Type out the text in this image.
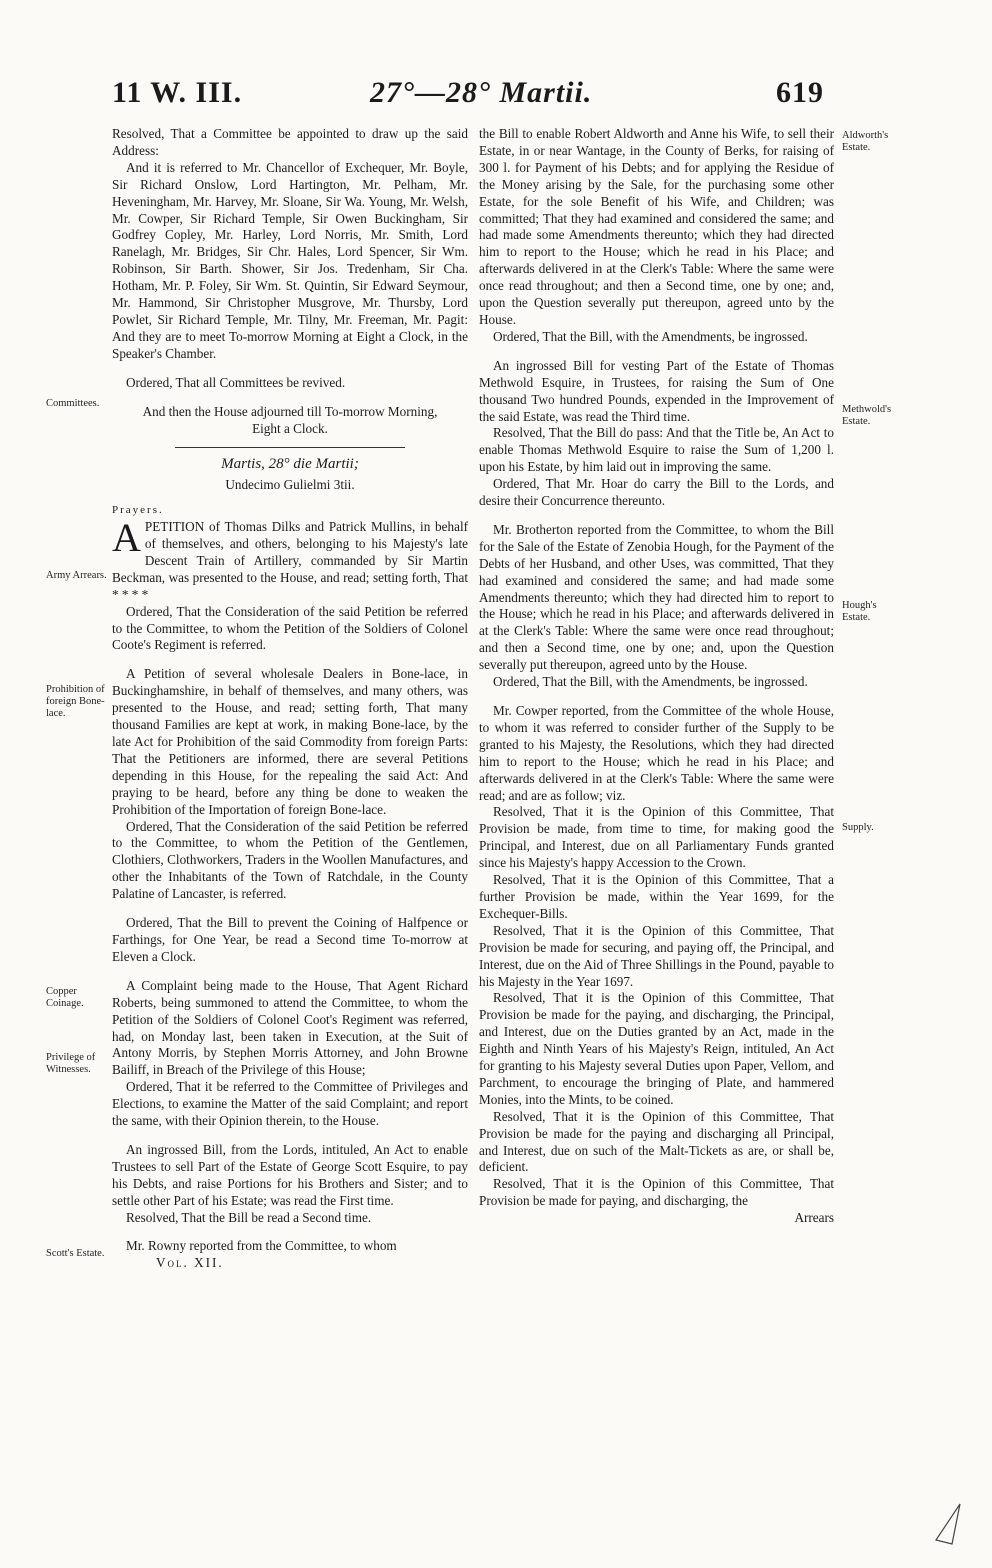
11 W. III.	27°—28° Martii.	619

Resolved, That a Committee be appointed to draw up the said Address:

And it is referred to Mr. Chancellor of Exchequer, Mr. Boyle, Sir Richard Onslow, Lord Hartington, Mr. Pelham, Mr. Heveningham, Mr. Harvey, Mr. Sloane, Sir Wa. Young, Mr. Welsh, Mr. Cowper, Sir Richard Temple, Sir Owen Buckingham, Sir Godfrey Copley, Mr. Harley, Lord Norris, Mr. Smith, Lord Ranelagh, Mr. Bridges, Sir Chr. Hales, Lord Spencer, Sir Wm. Robinson, Sir Barth. Shower, Sir Jos. Tredenham, Sir Cha. Hotham, Mr. P. Foley, Sir Wm. St. Quintin, Sir Edward Seymour, Mr. Hammond, Sir Christopher Musgrove, Mr. Thursby, Lord Powlet, Sir Richard Temple, Mr. Tilny, Mr. Freeman, Mr. Pagit: And they are to meet To-morrow Morning at Eight a Clock, in the Speaker's Chamber.

Ordered, That all Committees be revived.

And then the House adjourned till To-morrow Morning, Eight a Clock.

Martis, 28° die Martii;

Undecimo Gulielmi 3tii.

Prayers.

APETITION of Thomas Dilks and Patrick Mullins, in behalf of themselves, and others, belonging to his Majesty's late Descent Train of Artillery, commanded by Sir Martin Beckman, was presented to the House, and read; setting forth, That * * * *

Ordered, That the Consideration of the said Petition be referred to the Committee, to whom the Petition of the Soldiers of Colonel Coote's Regiment is referred.

A Petition of several wholesale Dealers in Bone-lace, in Buckinghamshire, in behalf of themselves, and many others, was presented to the House, and read; setting forth, That many thousand Families are kept at work, in making Bone-lace, by the late Act for Prohibition of the said Commodity from foreign Parts: That the Petitioners are informed, there are several Petitions depending in this House, for the repealing the said Act: And praying to be heard, before any thing be done to weaken the Prohibition of the Importation of foreign Bone-lace.

Ordered, That the Consideration of the said Petition be referred to the Committee, to whom the Petition of the Gentlemen, Clothiers, Clothworkers, Traders in the Woollen Manufactures, and other the Inhabitants of the Town of Ratchdale, in the County Palatine of Lancaster, is referred.

Ordered, That the Bill to prevent the Coining of Halfpence or Farthings, for One Year, be read a Second time To-morrow at Eleven a Clock.

A Complaint being made to the House, That Agent Richard Roberts, being summoned to attend the Committee, to whom the Petition of the Soldiers of Colonel Coot's Regiment was referred, had, on Monday last, been taken in Execution, at the Suit of Antony Morris, by Stephen Morris Attorney, and John Browne Bailiff, in Breach of the Privilege of this House;

Ordered, That it be referred to the Committee of Privileges and Elections, to examine the Matter of the said Complaint; and report the same, with their Opinion therein, to the House.

An ingrossed Bill, from the Lords, intituled, An Act to enable Trustees to sell Part of the Estate of George Scott Esquire, to pay his Debts, and raise Portions for his Brothers and Sister; and to settle other Part of his Estate; was read the First time.

Resolved, That the Bill be read a Second time.

Mr. Rowny reported from the Committee, to whom

Vol. XII.

the Bill to enable Robert Aldworth and Anne his Wife, to sell their Estate, in or near Wantage, in the County of Berks, for raising of 300 l. for Payment of his Debts; and for applying the Residue of the Money arising by the Sale, for the purchasing some other Estate, for the sole Benefit of his Wife, and Children; was committed; That they had examined and considered the same; and had made some Amendments thereunto; which they had directed him to report to the House; which he read in his Place; and afterwards delivered in at the Clerk's Table: Where the same were once read throughout; and then a Second time, one by one; and, upon the Question severally put thereupon, agreed unto by the House.

Ordered, That the Bill, with the Amendments, be ingrossed.

An ingrossed Bill for vesting Part of the Estate of Thomas Methwold Esquire, in Trustees, for raising the Sum of One thousand Two hundred Pounds, expended in the Improvement of the said Estate, was read the Third time.

Resolved, That the Bill do pass: And that the Title be, An Act to enable Thomas Methwold Esquire to raise the Sum of 1,200 l. upon his Estate, by him laid out in improving the same.

Ordered, That Mr. Hoar do carry the Bill to the Lords, and desire their Concurrence thereunto.

Mr. Brotherton reported from the Committee, to whom the Bill for the Sale of the Estate of Zenobia Hough, for the Payment of the Debts of her Husband, and other Uses, was committed, That they had examined and considered the same; and had made some Amendments thereunto; which they had directed him to report to the House; which he read in his Place; and afterwards delivered in at the Clerk's Table: Where the same were once read throughout; and then a Second time, one by one; and, upon the Question severally put thereupon, agreed unto by the House.

Ordered, That the Bill, with the Amendments, be ingrossed.

Mr. Cowper reported, from the Committee of the whole House, to whom it was referred to consider further of the Supply to be granted to his Majesty, the Resolutions, which they had directed him to report to the House; which he read in his Place; and afterwards delivered in at the Clerk's Table: Where the same were read; and are as follow; viz.

Resolved, That it is the Opinion of this Committee, That Provision be made, from time to time, for making good the Principal, and Interest, due on all Parliamentary Funds granted since his Majesty's happy Accession to the Crown.

Resolved, That it is the Opinion of this Committee, That a further Provision be made, within the Year 1699, for the Exchequer-Bills.

Resolved, That it is the Opinion of this Committee, That Provision be made for securing, and paying off, the Principal, and Interest, due on the Aid of Three Shillings in the Pound, payable to his Majesty in the Year 1697.

Resolved, That it is the Opinion of this Committee, That Provision be made for the paying, and discharging, the Principal, and Interest, due on the Duties granted by an Act, made in the Eighth and Ninth Years of his Majesty's Reign, intituled, An Act for granting to his Majesty several Duties upon Paper, Vellom, and Parchment, to encourage the bringing of Plate, and hammered Monies, into the Mints, to be coined.

Resolved, That it is the Opinion of this Committee, That Provision be made for the paying and discharging all Principal, and Interest, due on such of the Malt-Tickets as are, or shall be, deficient.

Resolved, That it is the Opinion of this Committee, That Provision be made for paying, and discharging, the

Arrears

Committees.
Army Arrears.
Prohibition of foreign Bone-lace.
Copper Coinage.
Privilege of Witnesses.
Scott's Estate.
Aldworth's Estate.
Methwold's Estate.
Hough's Estate.
Supply.
